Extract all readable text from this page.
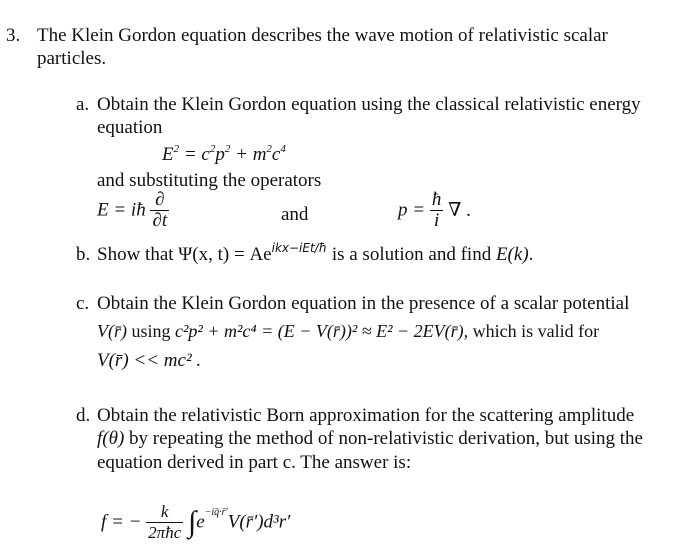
3. The Klein Gordon equation describes the wave motion of relativistic scalar
particles.
a. Obtain the Klein Gordon equation using the classical relativistic energy
equation
$E^2 = c^2p^2 + m^2c^4$
and substituting the operators
E = iħ $\frac{\partial}{\partial t}$	and	$p = \frac{ħ}{i}$ ∇̄ .
b. Show that Ψ(x, $t) = Ae^{ikx-iEt/ħ}$ is a solution and find E(k).
c. Obtain the Klein Gordon equation in the presence of a scalar potential
V(r̄) using c²p² + m²c⁴ = (E − V(r̄))² ≈ E² − 2EV(r̄), which is valid for
V(r̄) << mc² .
d. Obtain the relativistic Born approximation for the scattering amplitude
f(θ) by repeating the method of non-relativistic derivation, but using the
equation derived in part c. The answer is:
f = − $\frac{k}{\text{2πħc}}$ $\int e^{-iq̄\cdot r̄'}V(r̄')d^3r'$
